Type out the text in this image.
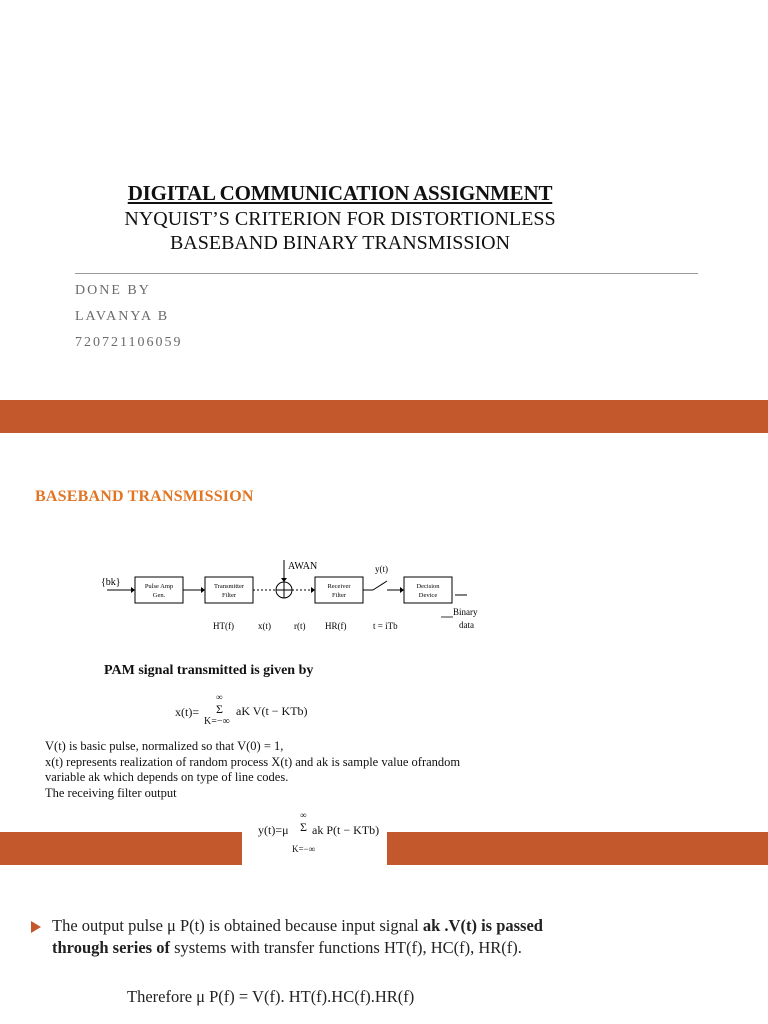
DIGITAL COMMUNICATION ASSIGNMENT
NYQUIST’S CRITERION FOR DISTORTIONLESS
BASEBAND BINARY TRANSMISSION
DONE BY
LAVANYA B
720721106059
BASEBAND TRANSMISSION
{bk}	Pulse Amp
Gen.
Transmitter
Filter
AWAN
Receiver
Filter
y(t)
Decision
Device
Binary
data
HT(f)	x(t)	r(t) HR(f)	t = iTb
PAM signal transmitted is given by
x(t)=
∞
Σ
K=−∞
aK V(t − KTb)
V(t) is basic pulse, normalized so that V(0) = 1,
x(t) represents realization of random process X(t) and ak is sample value ofrandom
variable ak which depends on type of line codes.
The receiving filter output
y(t)=μ
∞
Σ
K=−∞
ak P(t − KTb)
The output pulse μ P(t) is obtained because input signal ak .V(t) is passed through series of systems with transfer functions HT(f), HC(f), HR(f).
Therefore μ P(f) = V(f). HT(f).HC(f).HR(f)
